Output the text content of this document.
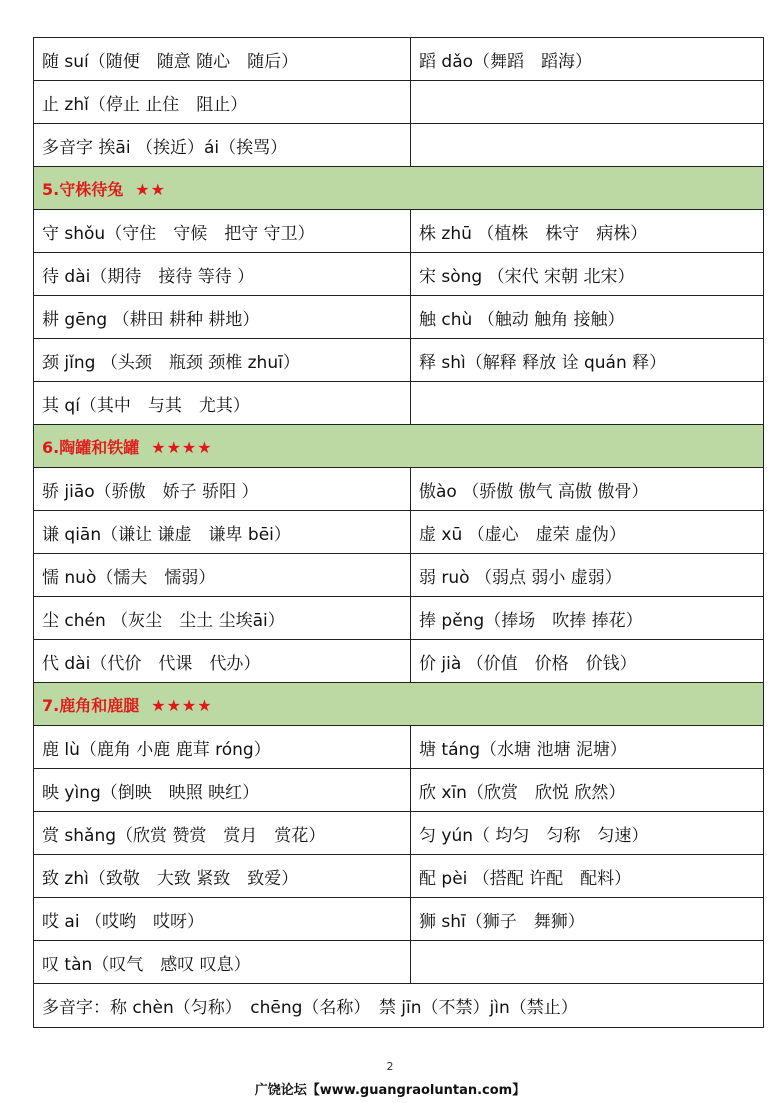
随 suí（随便　随意 随心　随后）	蹈 dǎo（舞蹈　蹈海）
止 zhǐ（停止 止住　阻止）	
多音字 挨āi （挨近）ái（挨骂）	
5.守株待兔 ★★	
守 shǒu（守住　守候　把守 守卫）	株 zhū （植株　株守　病株）
待 dài（期待　接待 等待 ）	宋 sòng （宋代 宋朝 北宋）
耕 gēng （耕田 耕种 耕地）	触 chù （触动 触角 接触）
颈 jǐng （头颈　瓶颈 颈椎 zhuī）	释 shì（解释 释放 诠 quán 释）
其 qí（其中　与其　尤其）	
6.陶罐和铁罐 ★★★★	
骄 jiāo（骄傲　娇子 骄阳 ）	傲ào （骄傲 傲气 高傲 傲骨）
谦 qiān（谦让 谦虚　谦卑 bēi）	虚 xū （虚心　虚荣 虚伪）
懦 nuò（懦夫　懦弱）	弱 ruò （弱点 弱小 虚弱）
尘 chén （灰尘　尘土 尘埃āi）	捧 pěng（捧场　吹捧 捧花）
代 dài（代价　代课　代办）	价 jià （价值　价格　价钱）
7.鹿角和鹿腿 ★★★★	
鹿 lù（鹿角 小鹿 鹿茸 róng）	塘 táng（水塘 池塘 泥塘）
映 yìng（倒映　映照 映红）	欣 xīn（欣赏　欣悦 欣然）
赏 shǎng（欣赏 赞赏　赏月　赏花）	匀 yún（ 均匀　匀称　匀速）
致 zhì（致敬　大致 紧致　致爱）	配 pèi （搭配 许配　配料）
哎 ai （哎哟　哎呀）	狮 shī（狮子　舞狮）
叹 tàn（叹气　感叹 叹息）	
多音字：称 chèn（匀称）　chēng（名称）　禁 jīn（不禁）jìn（禁止）	
2
广饶论坛【www.guangraoluntan.com】
